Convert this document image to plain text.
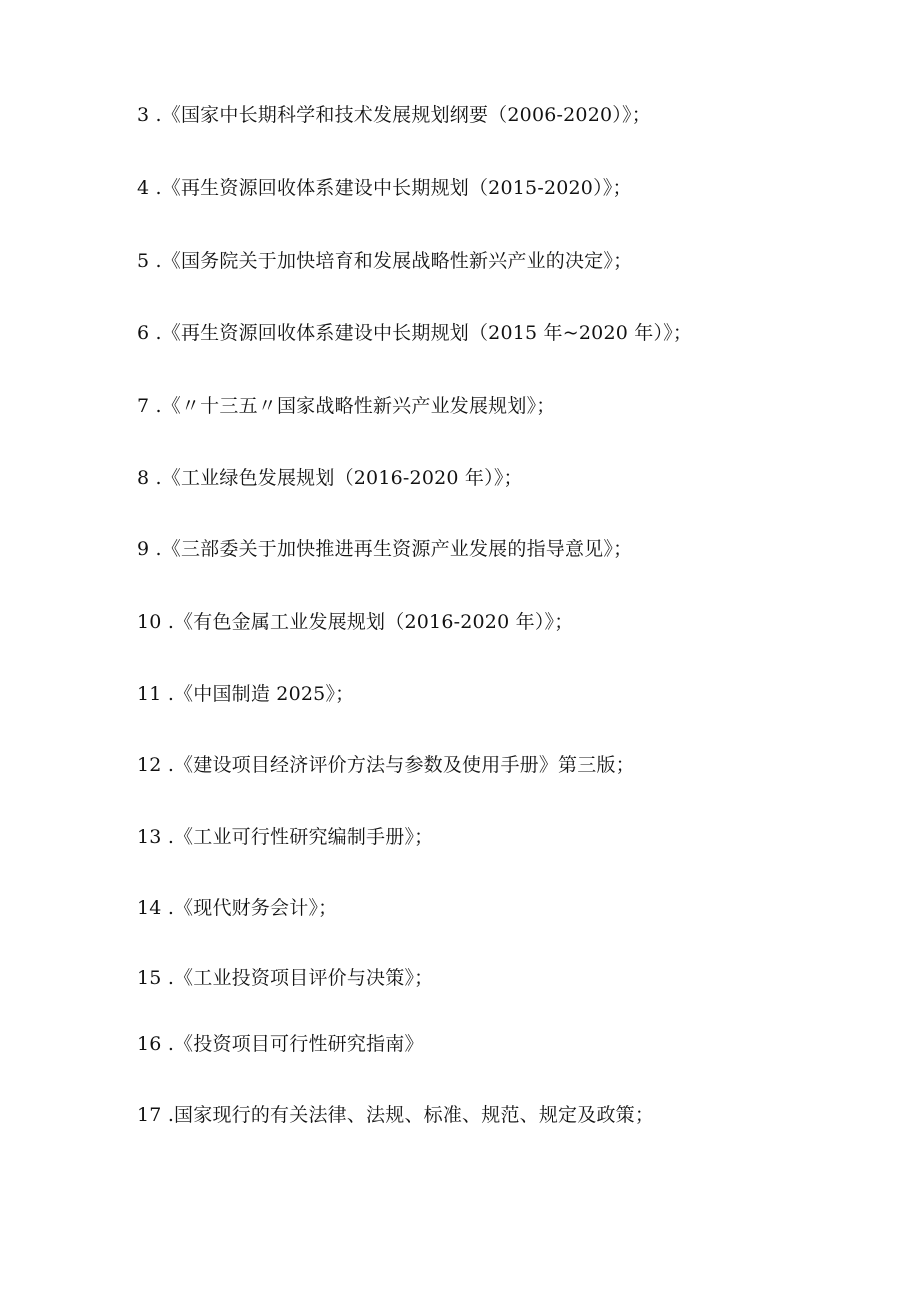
3 .《国家中长期科学和技术发展规划纲要（2006-2020）》；
4 .《再生资源回收体系建设中长期规划（2015-2020）》；
5 .《国务院关于加快培育和发展战略性新兴产业的决定》；
6 .《再生资源回收体系建设中长期规划（2015 年~2020 年）》；
7 .《〃十三五〃国家战略性新兴产业发展规划》；
8 .《工业绿色发展规划（2016-2020 年）》；
9 .《三部委关于加快推进再生资源产业发展的指导意见》；
10 .《有色金属工业发展规划（2016-2020 年）》；
11 .《中国制造 2025》；
12 .《建设项目经济评价方法与参数及使用手册》第三版；
13 .《工业可行性研究编制手册》；
14 .《现代财务会计》；
15 .《工业投资项目评价与决策》；
16 .《投资项目可行性研究指南》
17 .国家现行的有关法律、法规、标准、规范、规定及政策；
